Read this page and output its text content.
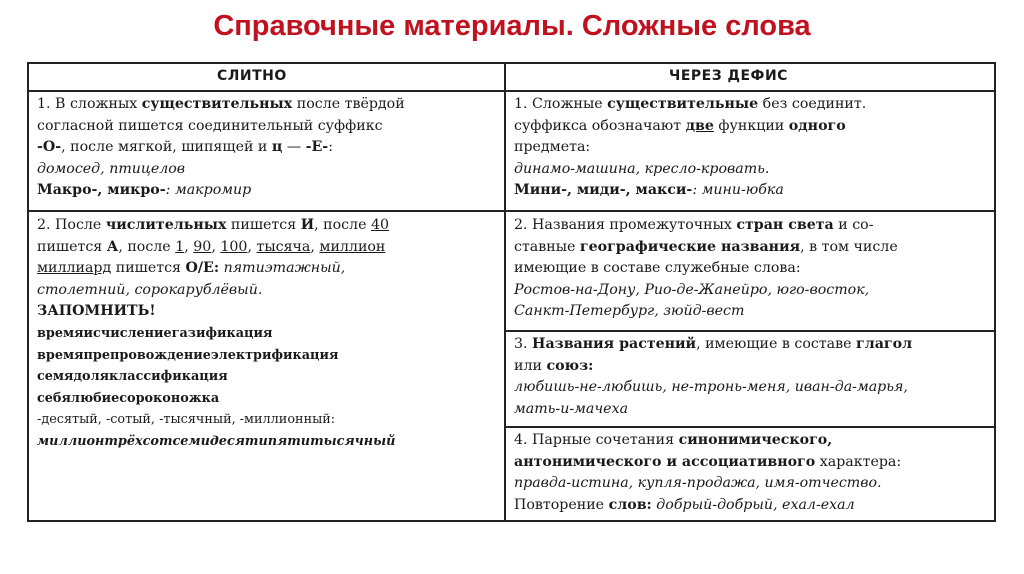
Справочные материалы. Сложные слова
СЛИТНО	ЧЕРЕЗ ДЕФИС
1. В сложных существительных после твёрдой
согласной пишется соединительный суффикс
-О-, после мягкой, шипящей и ц — -Е-:
домосед, птицелов
Макро-, микро-: макромир
2. После числительных пишется И, после 40
пишется А, после 1, 90, 100, тысяча, миллион
миллиард пишется О/Е: пятиэтажный,
столетний, сорокарублёвый.
ЗАПОМНИТЬ!
времяисчислениегазификация
времяпрепровождениеэлектрификация
семядоляклассификация
себялюбиесороконожка
-десятый, -сотый, -тысячный, -миллионный:
миллионтрёхсотсемидесятипятитысячный
1. Сложные существительные без соединит.
суффикса обозначают две функции одного
предмета:
динамо-машина, кресло-кровать.
Мини-, миди-, макси-: мини-юбка
2. Названия промежуточных стран света и со-
ставные географические названия, в том числе
имеющие в составе служебные слова:
Ростов-на-Дону, Рио-де-Жанейро, юго-восток,
Санкт-Петербург, зюйд-вест
3. Названия растений, имеющие в составе глагол
или союз:
любишь-не-любишь, не-тронь-меня, иван-да-марья,
мать-и-мачеха
4. Парные сочетания синонимического,
антонимического и ассоциативного характера:
правда-истина, купля-продажа, имя-отчество.
Повторение слов: добрый-добрый, ехал-ехал
